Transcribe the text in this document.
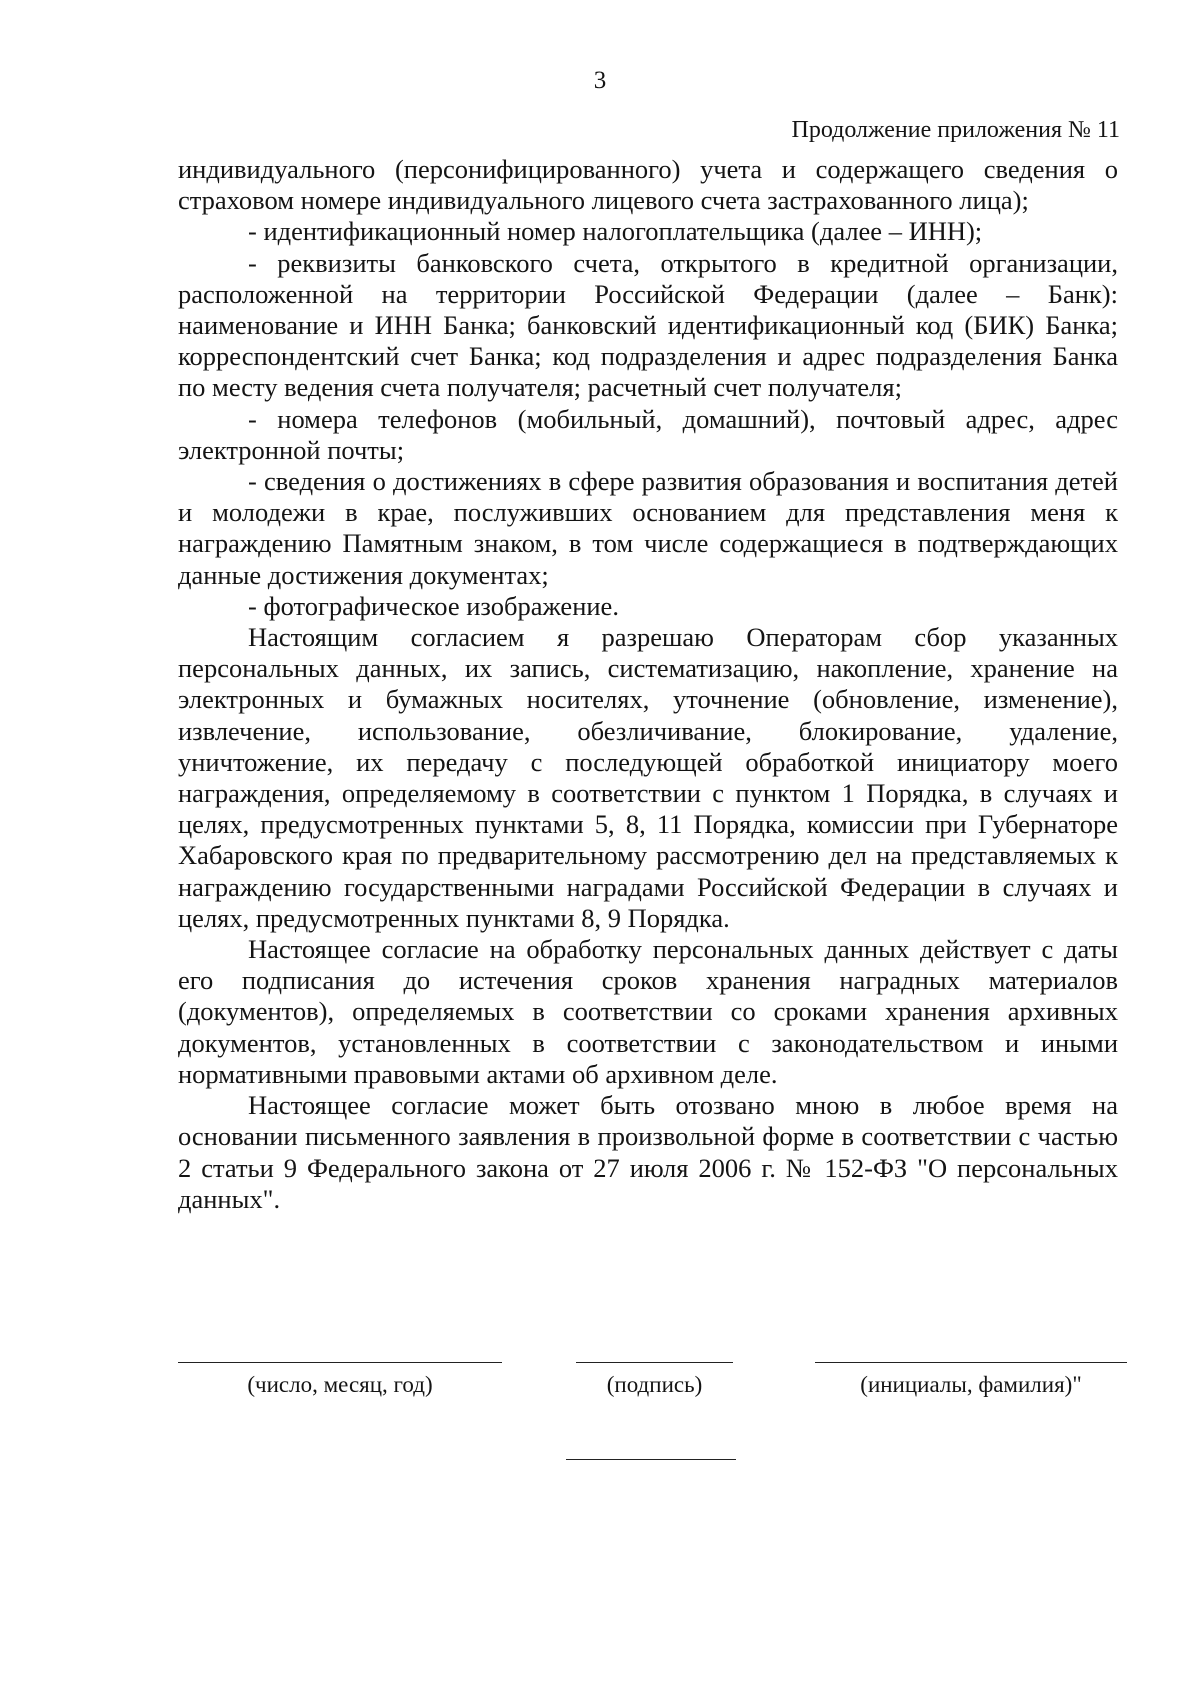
3
Продолжение приложения № 11

индивидуального (персонифицированного) учета и содержащего сведения о страховом номере индивидуального лицевого счета застрахованного лица);

- идентификационный номер налогоплательщика (далее – ИНН);

- реквизиты банковского счета, открытого в кредитной организации, расположенной на территории Российской Федерации (далее – Банк): наименование и ИНН Банка; банковский идентификационный код (БИК) Банка; корреспондентский счет Банка; код подразделения и адрес подразделения Банка по месту ведения счета получателя; расчетный счет получателя;

- номера телефонов (мобильный, домашний), почтовый адрес, адрес электронной почты;

- сведения о достижениях в сфере развития образования и воспитания детей и молодежи в крае, послуживших основанием для представления меня к награждению Памятным знаком, в том числе содержащиеся в подтверждающих данные достижения документах;

- фотографическое изображение.

Настоящим согласием я разрешаю Операторам сбор указанных персональных данных, их запись, систематизацию, накопление, хранение на электронных и бумажных носителях, уточнение (обновление, изменение), извлечение, использование, обезличивание, блокирование, удаление, уничтожение, их передачу с последующей обработкой инициатору моего награждения, определяемому в соответствии с пунктом 1 Порядка, в случаях и целях, предусмотренных пунктами 5, 8, 11 Порядка, комиссии при Губернаторе Хабаровского края по предварительному рассмотрению дел на представляемых к награждению государственными наградами Российской Федерации в случаях и целях, предусмотренных пунктами 8, 9 Порядка.

Настоящее согласие на обработку персональных данных действует с даты его подписания до истечения сроков хранения наградных материалов (документов), определяемых в соответствии со сроками хранения архивных документов, установленных в соответствии с законодательством и иными нормативными правовыми актами об архивном деле.

Настоящее согласие может быть отозвано мною в любое время на основании письменного заявления в произвольной форме в соответствии с частью 2 статьи 9 Федерального закона от 27 июля 2006 г. № 152-ФЗ "О персональных данных".

(число, месяц, год)	(подпись)	(инициалы, фамилия)"
